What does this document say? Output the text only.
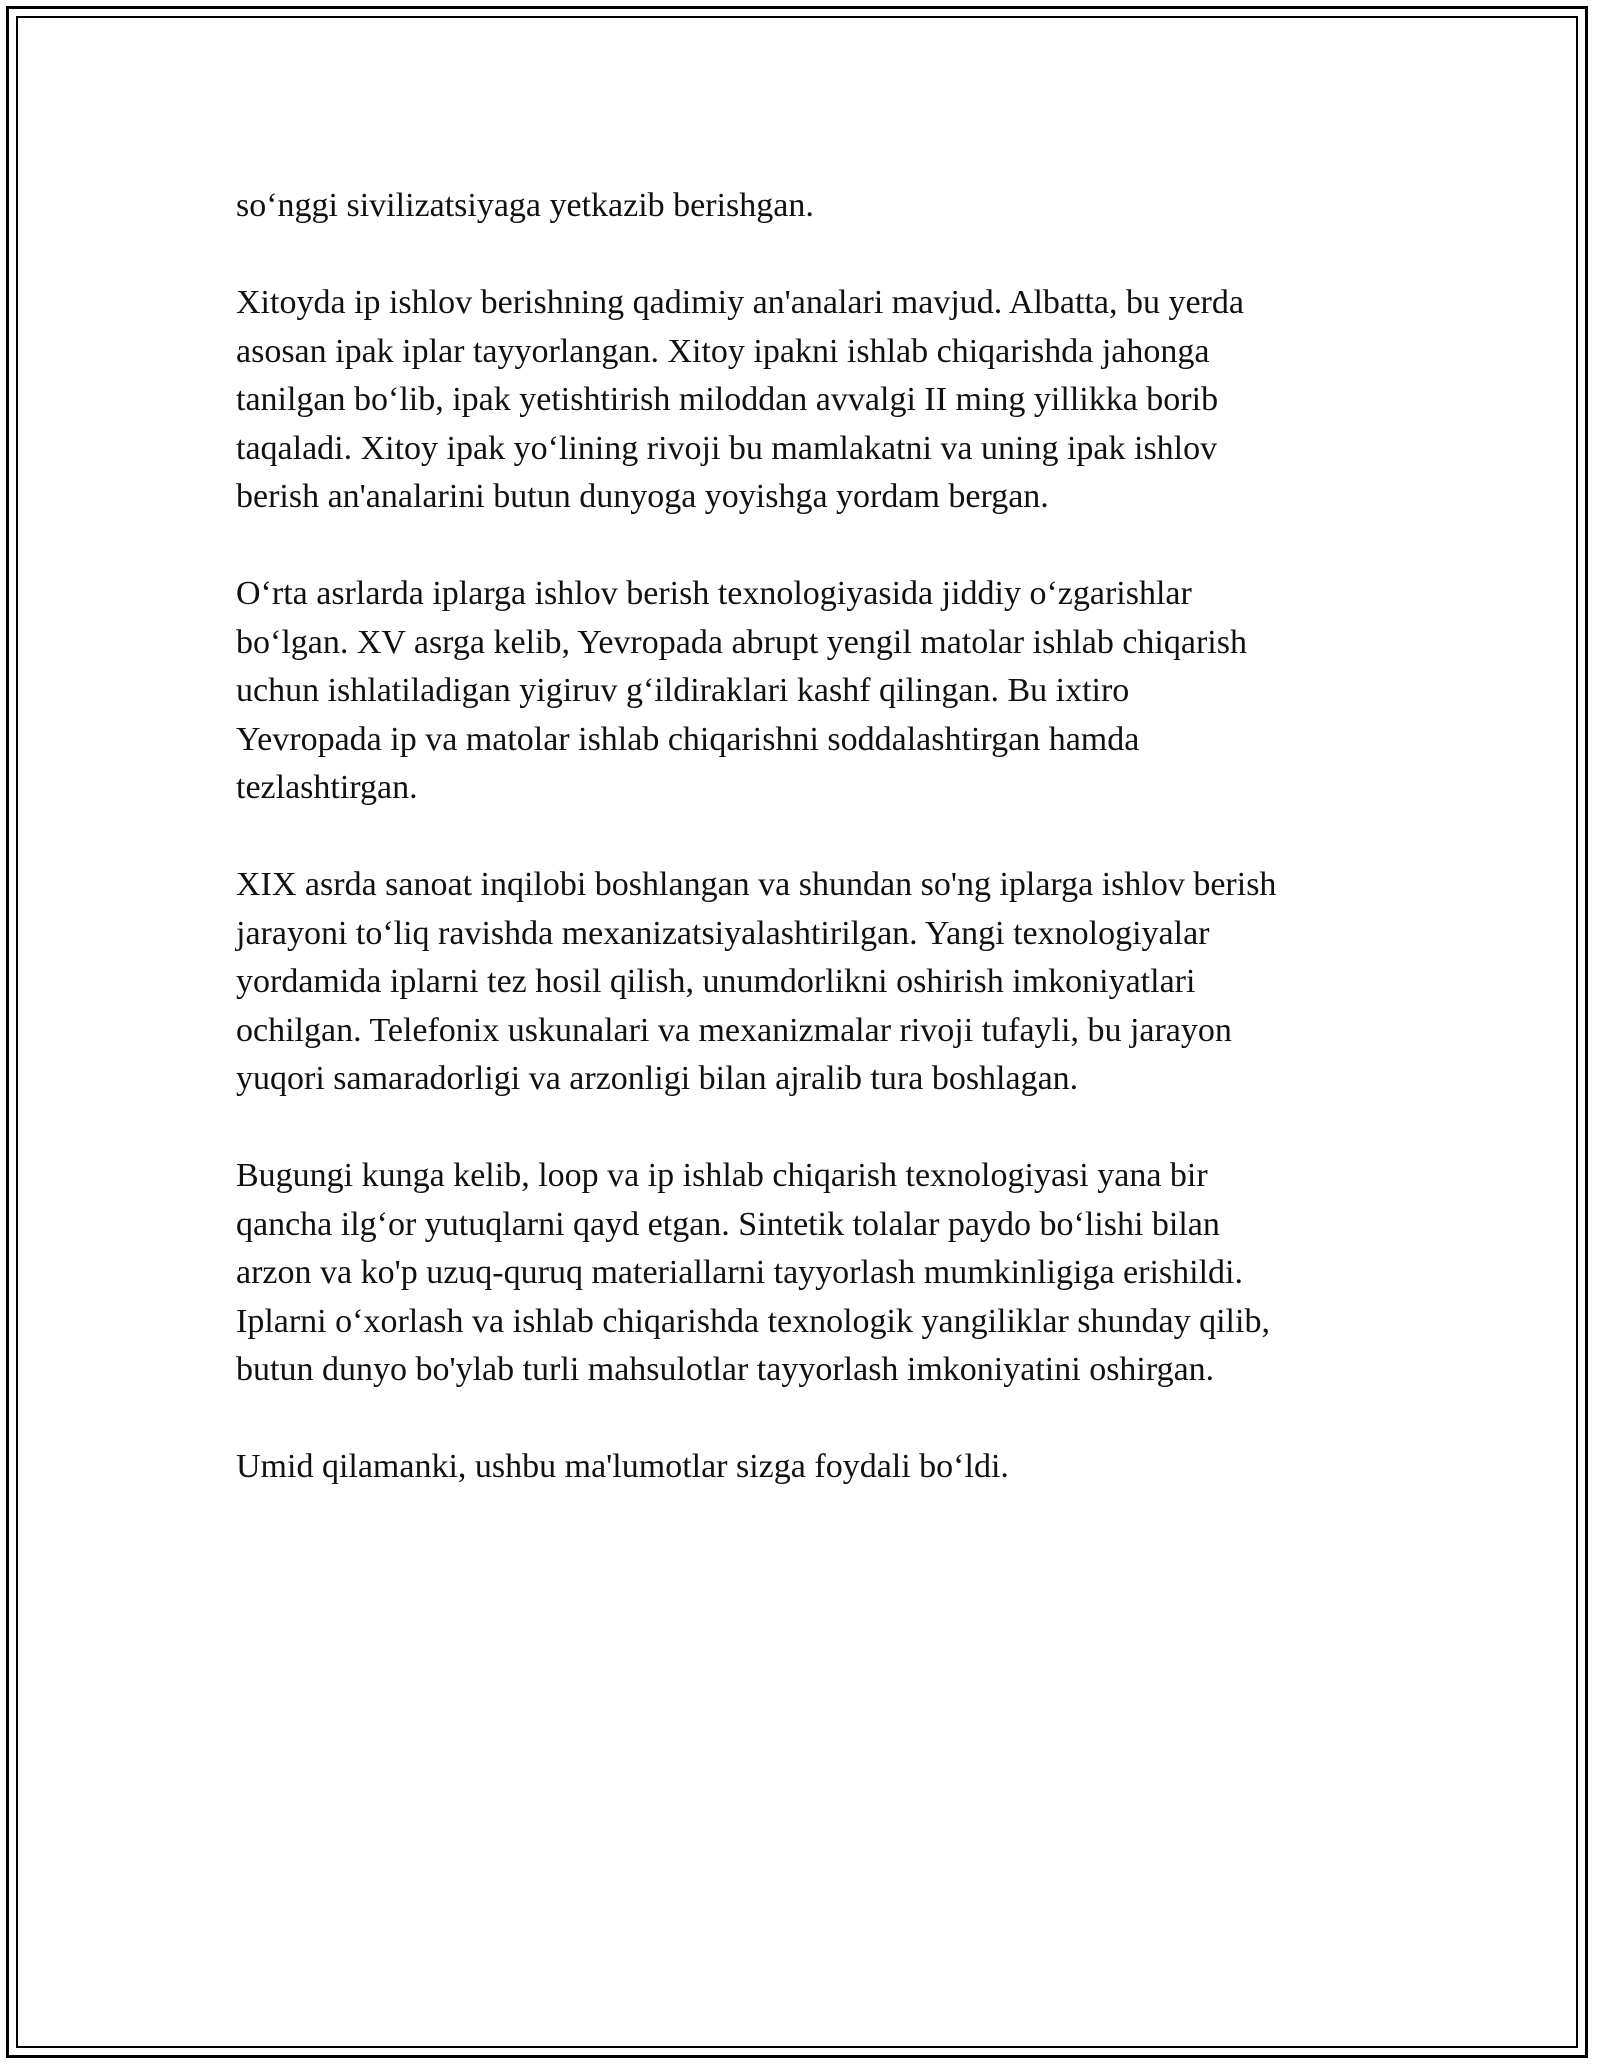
so‘nggi sivilizatsiyaga yetkazib berishgan.

Xitoyda ip ishlov berishning qadimiy an'analari mavjud. Albatta, bu yerda
asosan ipak iplar tayyorlangan. Xitoy ipakni ishlab chiqarishda jahonga
tanilgan bo‘lib, ipak yetishtirish miloddan avvalgi II ming yillikka borib
taqaladi. Xitoy ipak yo‘lining rivoji bu mamlakatni va uning ipak ishlov
berish an'analarini butun dunyoga yoyishga yordam bergan.

O‘rta asrlarda iplarga ishlov berish texnologiyasida jiddiy o‘zgarishlar
bo‘lgan. XV asrga kelib, Yevropada abrupt yengil matolar ishlab chiqarish
uchun ishlatiladigan yigiruv g‘ildiraklari kashf qilingan. Bu ixtiro
Yevropada ip va matolar ishlab chiqarishni soddalashtirgan hamda
tezlashtirgan.

XIX asrda sanoat inqilobi boshlangan va shundan so'ng iplarga ishlov berish
jarayoni to‘liq ravishda mexanizatsiyalashtirilgan. Yangi texnologiyalar
yordamida iplarni tez hosil qilish, unumdorlikni oshirish imkoniyatlari
ochilgan. Telefonix uskunalari va mexanizmalar rivoji tufayli, bu jarayon
yuqori samaradorligi va arzonligi bilan ajralib tura boshlagan.

Bugungi kunga kelib, loop va ip ishlab chiqarish texnologiyasi yana bir
qancha ilg‘or yutuqlarni qayd etgan. Sintetik tolalar paydo bo‘lishi bilan
arzon va ko'p uzuq-quruq materiallarni tayyorlash mumkinligiga erishildi.
Iplarni o‘xorlash va ishlab chiqarishda texnologik yangiliklar shunday qilib,
butun dunyo bo'ylab turli mahsulotlar tayyorlash imkoniyatini oshirgan.

Umid qilamanki, ushbu ma'lumotlar sizga foydali bo‘ldi.
